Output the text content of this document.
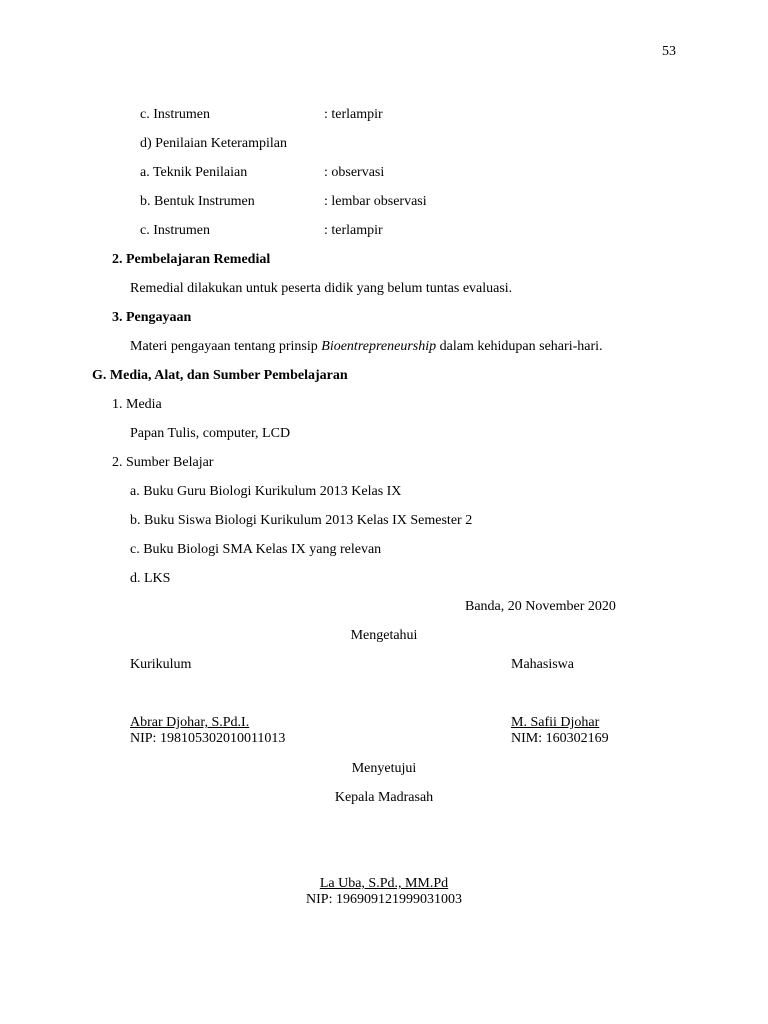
53
c. Instrumen	: terlampir
d) Penilaian Keterampilan
a. Teknik Penilaian	: observasi
b. Bentuk Instrumen	: lembar observasi
c. Instrumen	: terlampir
2. Pembelajaran Remedial
Remedial dilakukan untuk peserta didik yang belum tuntas evaluasi.
3. Pengayaan
Materi pengayaan tentang prinsip Bioentrepreneurship dalam kehidupan sehari-hari.
G. Media, Alat, dan Sumber Pembelajaran
1. Media
Papan Tulis, computer, LCD
2. Sumber Belajar
a. Buku Guru Biologi Kurikulum 2013 Kelas IX
b. Buku Siswa Biologi Kurikulum 2013 Kelas IX Semester 2
c. Buku Biologi SMA Kelas IX yang relevan
d. LKS
Banda, 20 November 2020
Mengetahui
Kurikulum	Mahasiswa
Abrar Djohar, S.Pd.I.
NIP: 198105302010011013
M. Safii Djohar
NIM: 160302169
Menyetujui
Kepala Madrasah
La Uba, S.Pd., MM.Pd
NIP: 196909121999031003
